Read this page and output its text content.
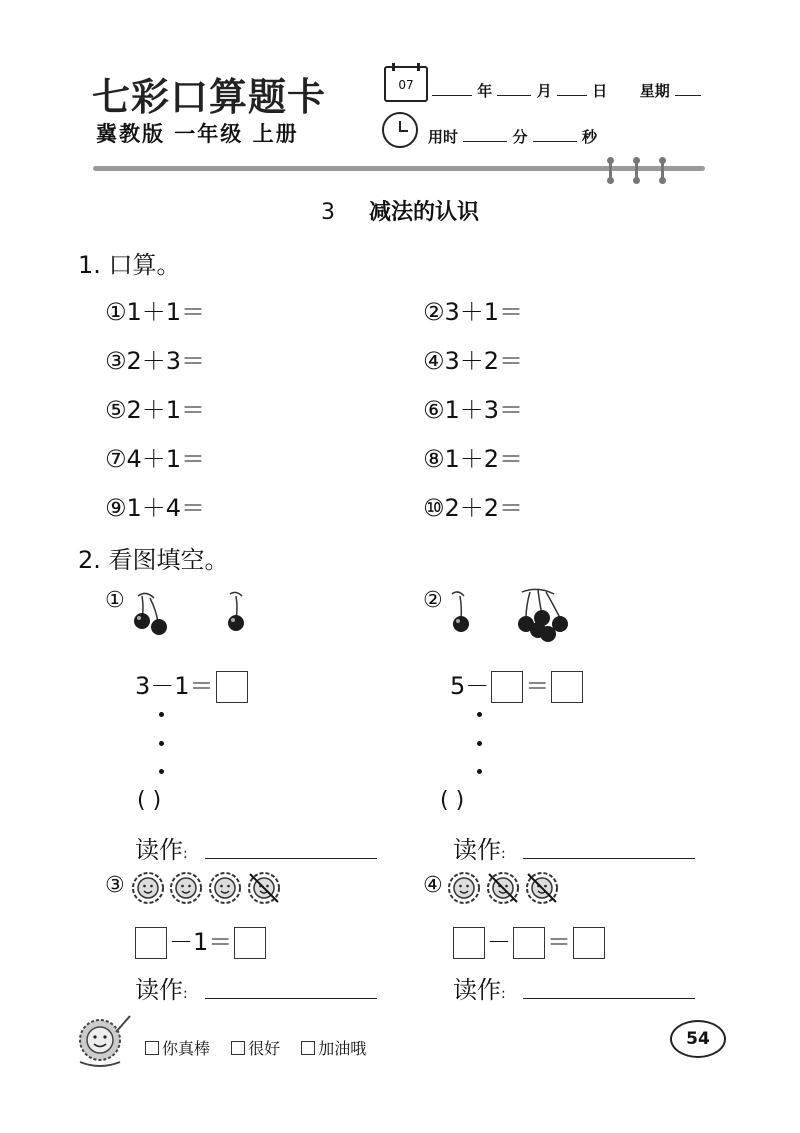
七彩口算题卡
冀教版 一年级 上册
07	年	月	日 星期
用时	分	秒
3 减法的认识
1. 口算。
①1＋1＝	②3＋1＝
③2＋3＝	④3＋2＝
⑤2＋1＝	⑥1＋3＝
⑦4＋1＝	⑧1＋2＝
⑨1＋4＝	⑩2＋2＝
2. 看图填空。
①
3－1＝
( )
读作:
②
5－ ＝
( )
读作:
③
－1＝
读作:
④
－ ＝
读作:
你真棒 很好 加油哦	54
